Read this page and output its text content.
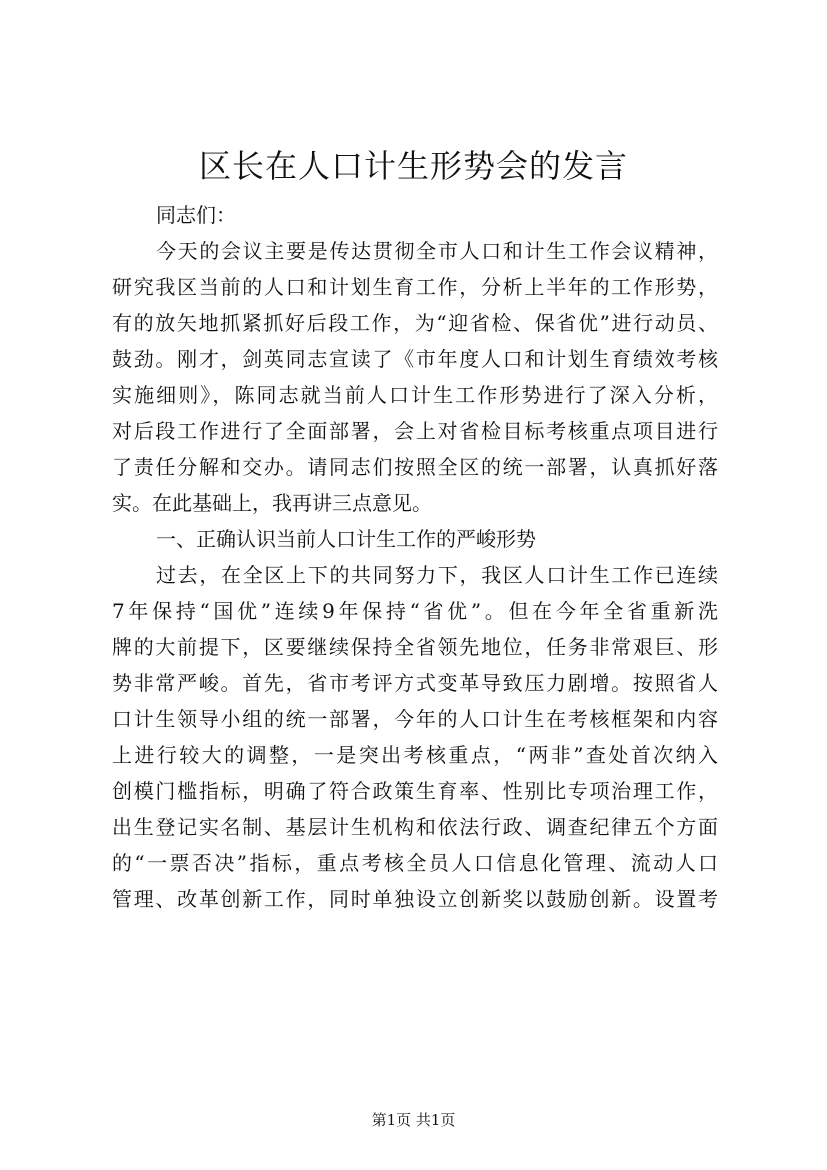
区长在人口计生形势会的发言
同志们：
今天的会议主要是传达贯彻全市人口和计生工作会议精神，
研究我区当前的人口和计划生育工作，分析上半年的工作形势，
有的放矢地抓紧抓好后段工作，为“迎省检、保省优”进行动员、
鼓劲。刚才，剑英同志宣读了《市年度人口和计划生育绩效考核
实施细则》，陈同志就当前人口计生工作形势进行了深入分析，
对后段工作进行了全面部署，会上对省检目标考核重点项目进行
了责任分解和交办。请同志们按照全区的统一部署，认真抓好落
实。在此基础上，我再讲三点意见。
一、正确认识当前人口计生工作的严峻形势
过去，在全区上下的共同努力下，我区人口计生工作已连续
7年保持“国优”连续9年保持“省优”。但在今年全省重新洗
牌的大前提下，区要继续保持全省领先地位，任务非常艰巨、形
势非常严峻。首先，省市考评方式变革导致压力剧增。按照省人
口计生领导小组的统一部署，今年的人口计生在考核框架和内容
上进行较大的调整，一是突出考核重点，“两非”查处首次纳入
创模门槛指标，明确了符合政策生育率、性别比专项治理工作，
出生登记实名制、基层计生机构和依法行政、调查纪律五个方面
的“一票否决”指标，重点考核全员人口信息化管理、流动人口
管理、改革创新工作，同时单独设立创新奖以鼓励创新。设置考
第1页 共1页
